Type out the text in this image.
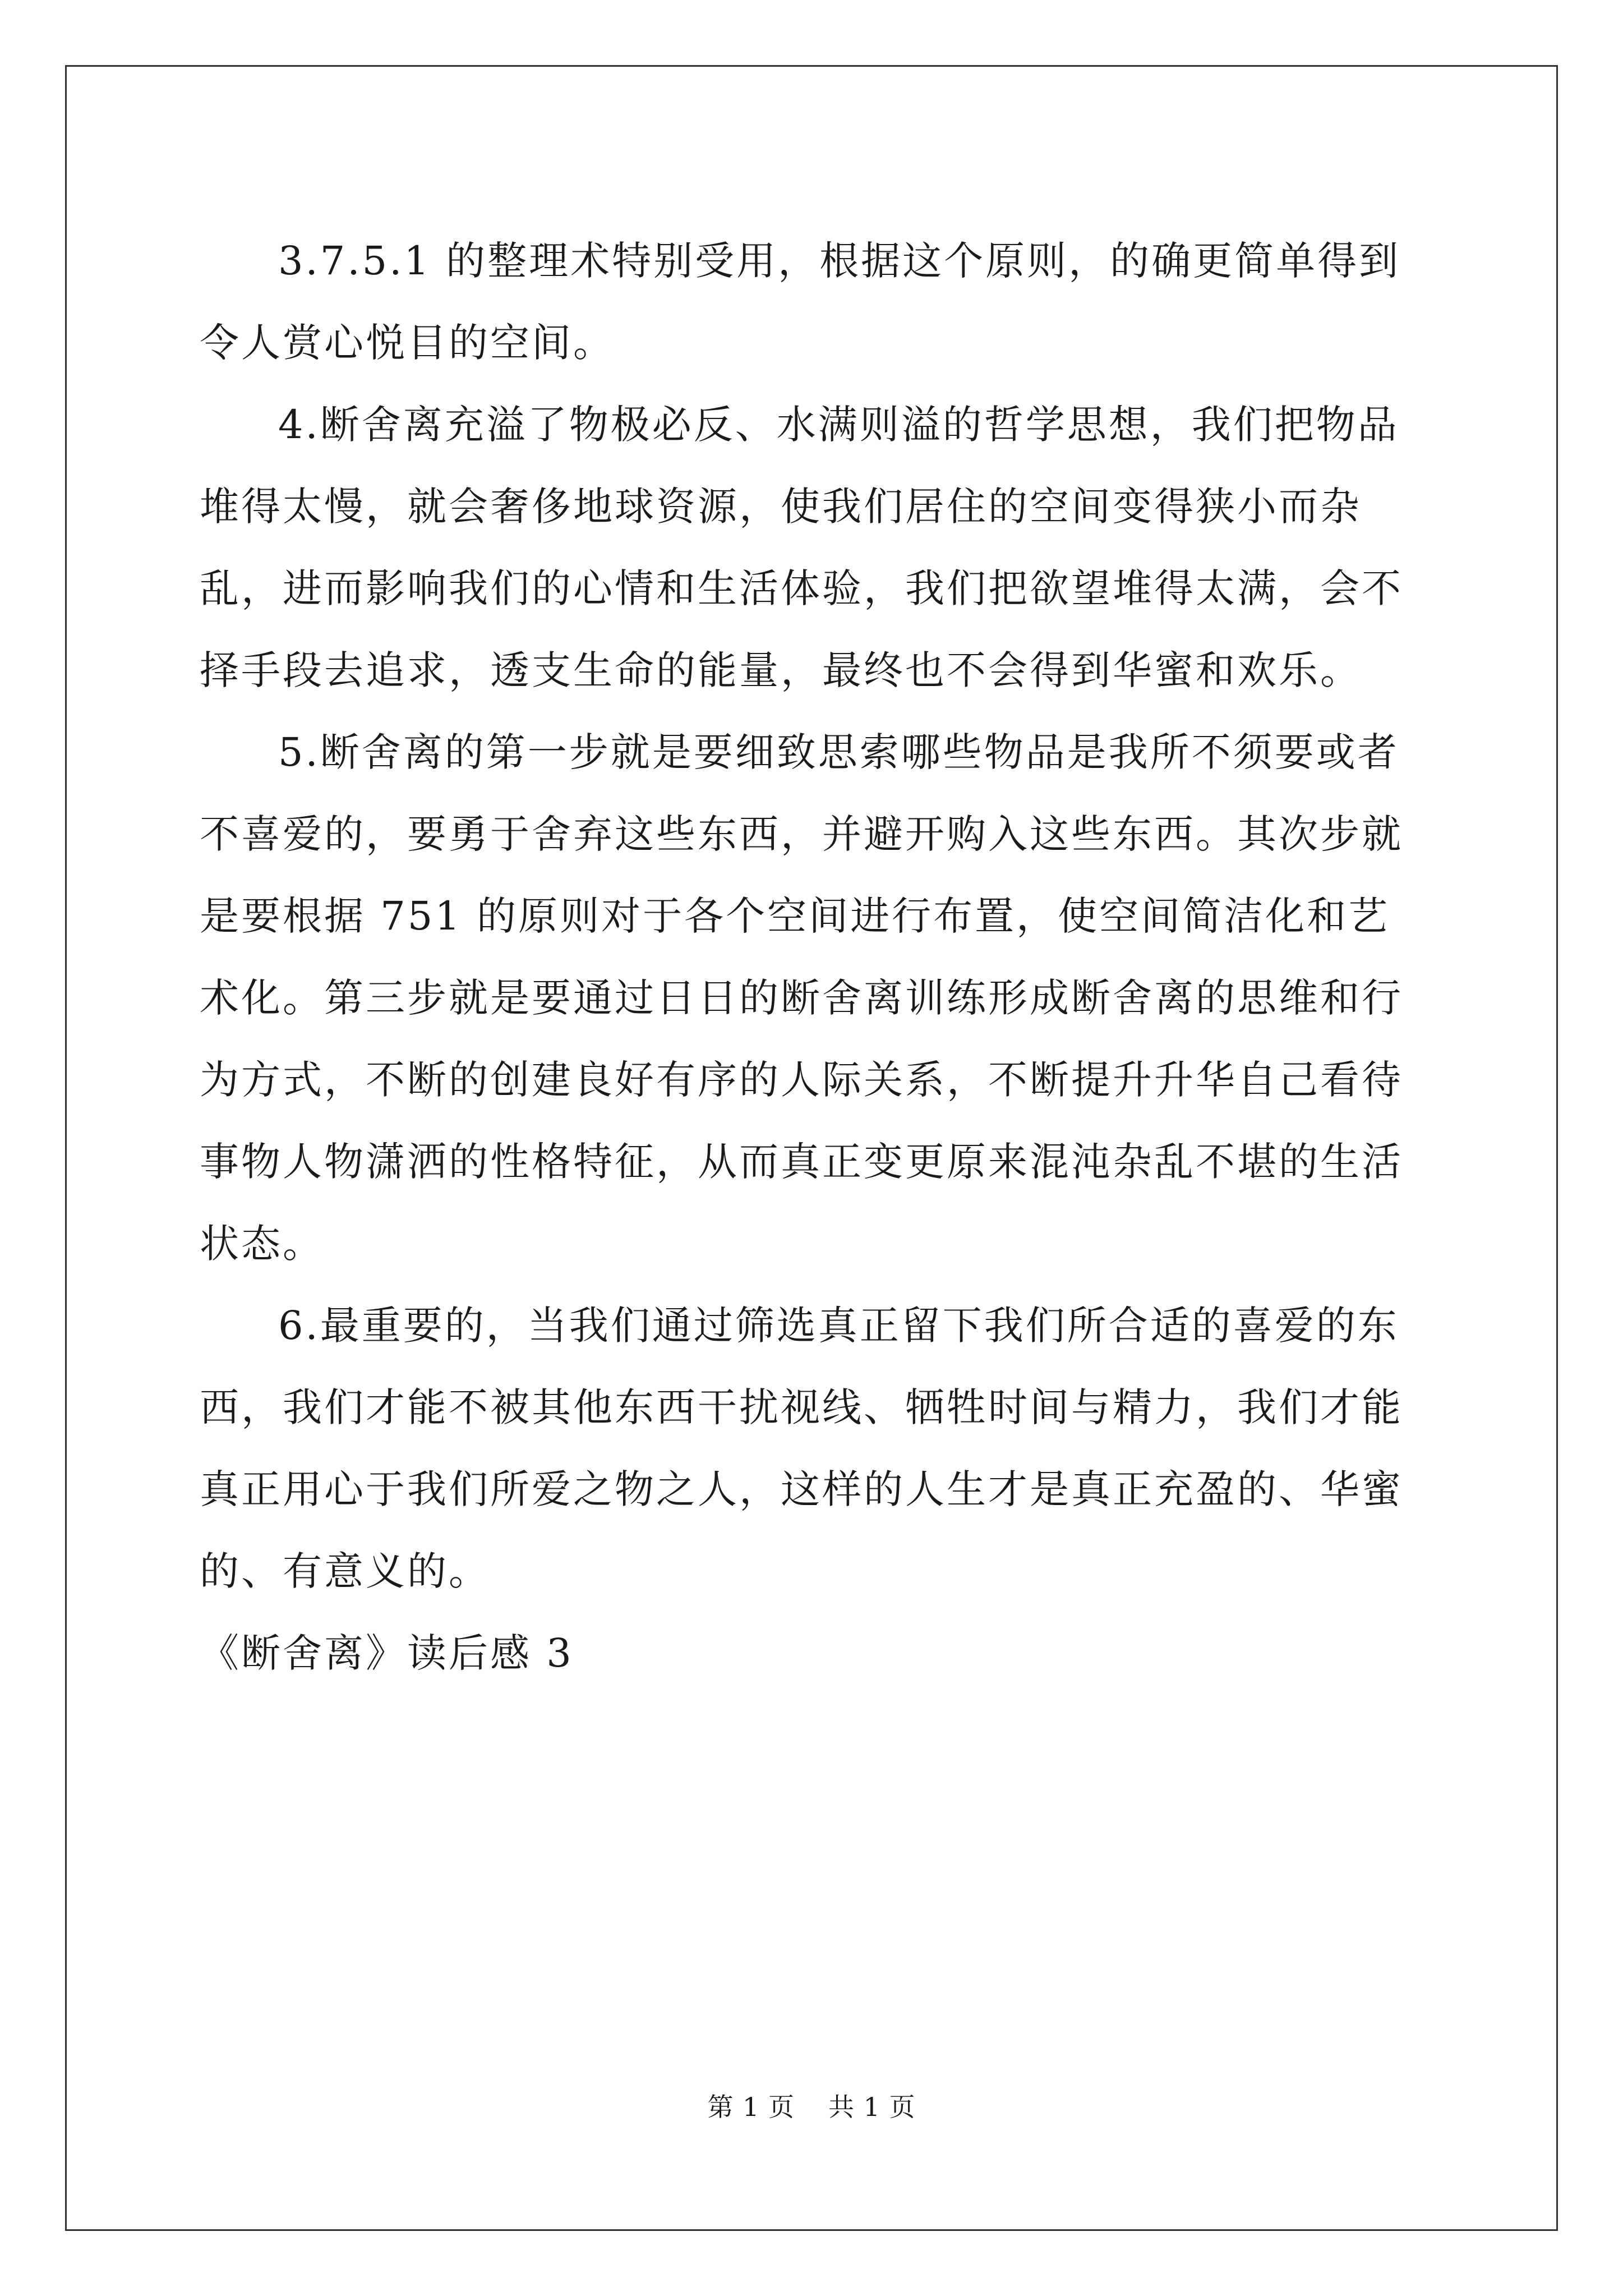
3.7.5.1 的整理术特别受用，根据这个原则，的确更简单得到令人赏心悦目的空间。

4.断舍离充溢了物极必反、水满则溢的哲学思想，我们把物品堆得太慢，就会奢侈地球资源，使我们居住的空间变得狭小而杂乱，进而影响我们的心情和生活体验，我们把欲望堆得太满，会不择手段去追求，透支生命的能量，最终也不会得到华蜜和欢乐。

5.断舍离的第一步就是要细致思索哪些物品是我所不须要或者不喜爱的，要勇于舍弃这些东西，并避开购入这些东西。其次步就是要根据 751 的原则对于各个空间进行布置，使空间简洁化和艺术化。第三步就是要通过日日的断舍离训练形成断舍离的思维和行为方式，不断的创建良好有序的人际关系，不断提升升华自己看待事物人物潇洒的性格特征，从而真正变更原来混沌杂乱不堪的生活状态。

6.最重要的，当我们通过筛选真正留下我们所合适的喜爱的东西，我们才能不被其他东西干扰视线、牺牲时间与精力，我们才能真正用心于我们所爱之物之人，这样的人生才是真正充盈的、华蜜的、有意义的。

《断舍离》读后感 3

第 1 页 共 1 页
